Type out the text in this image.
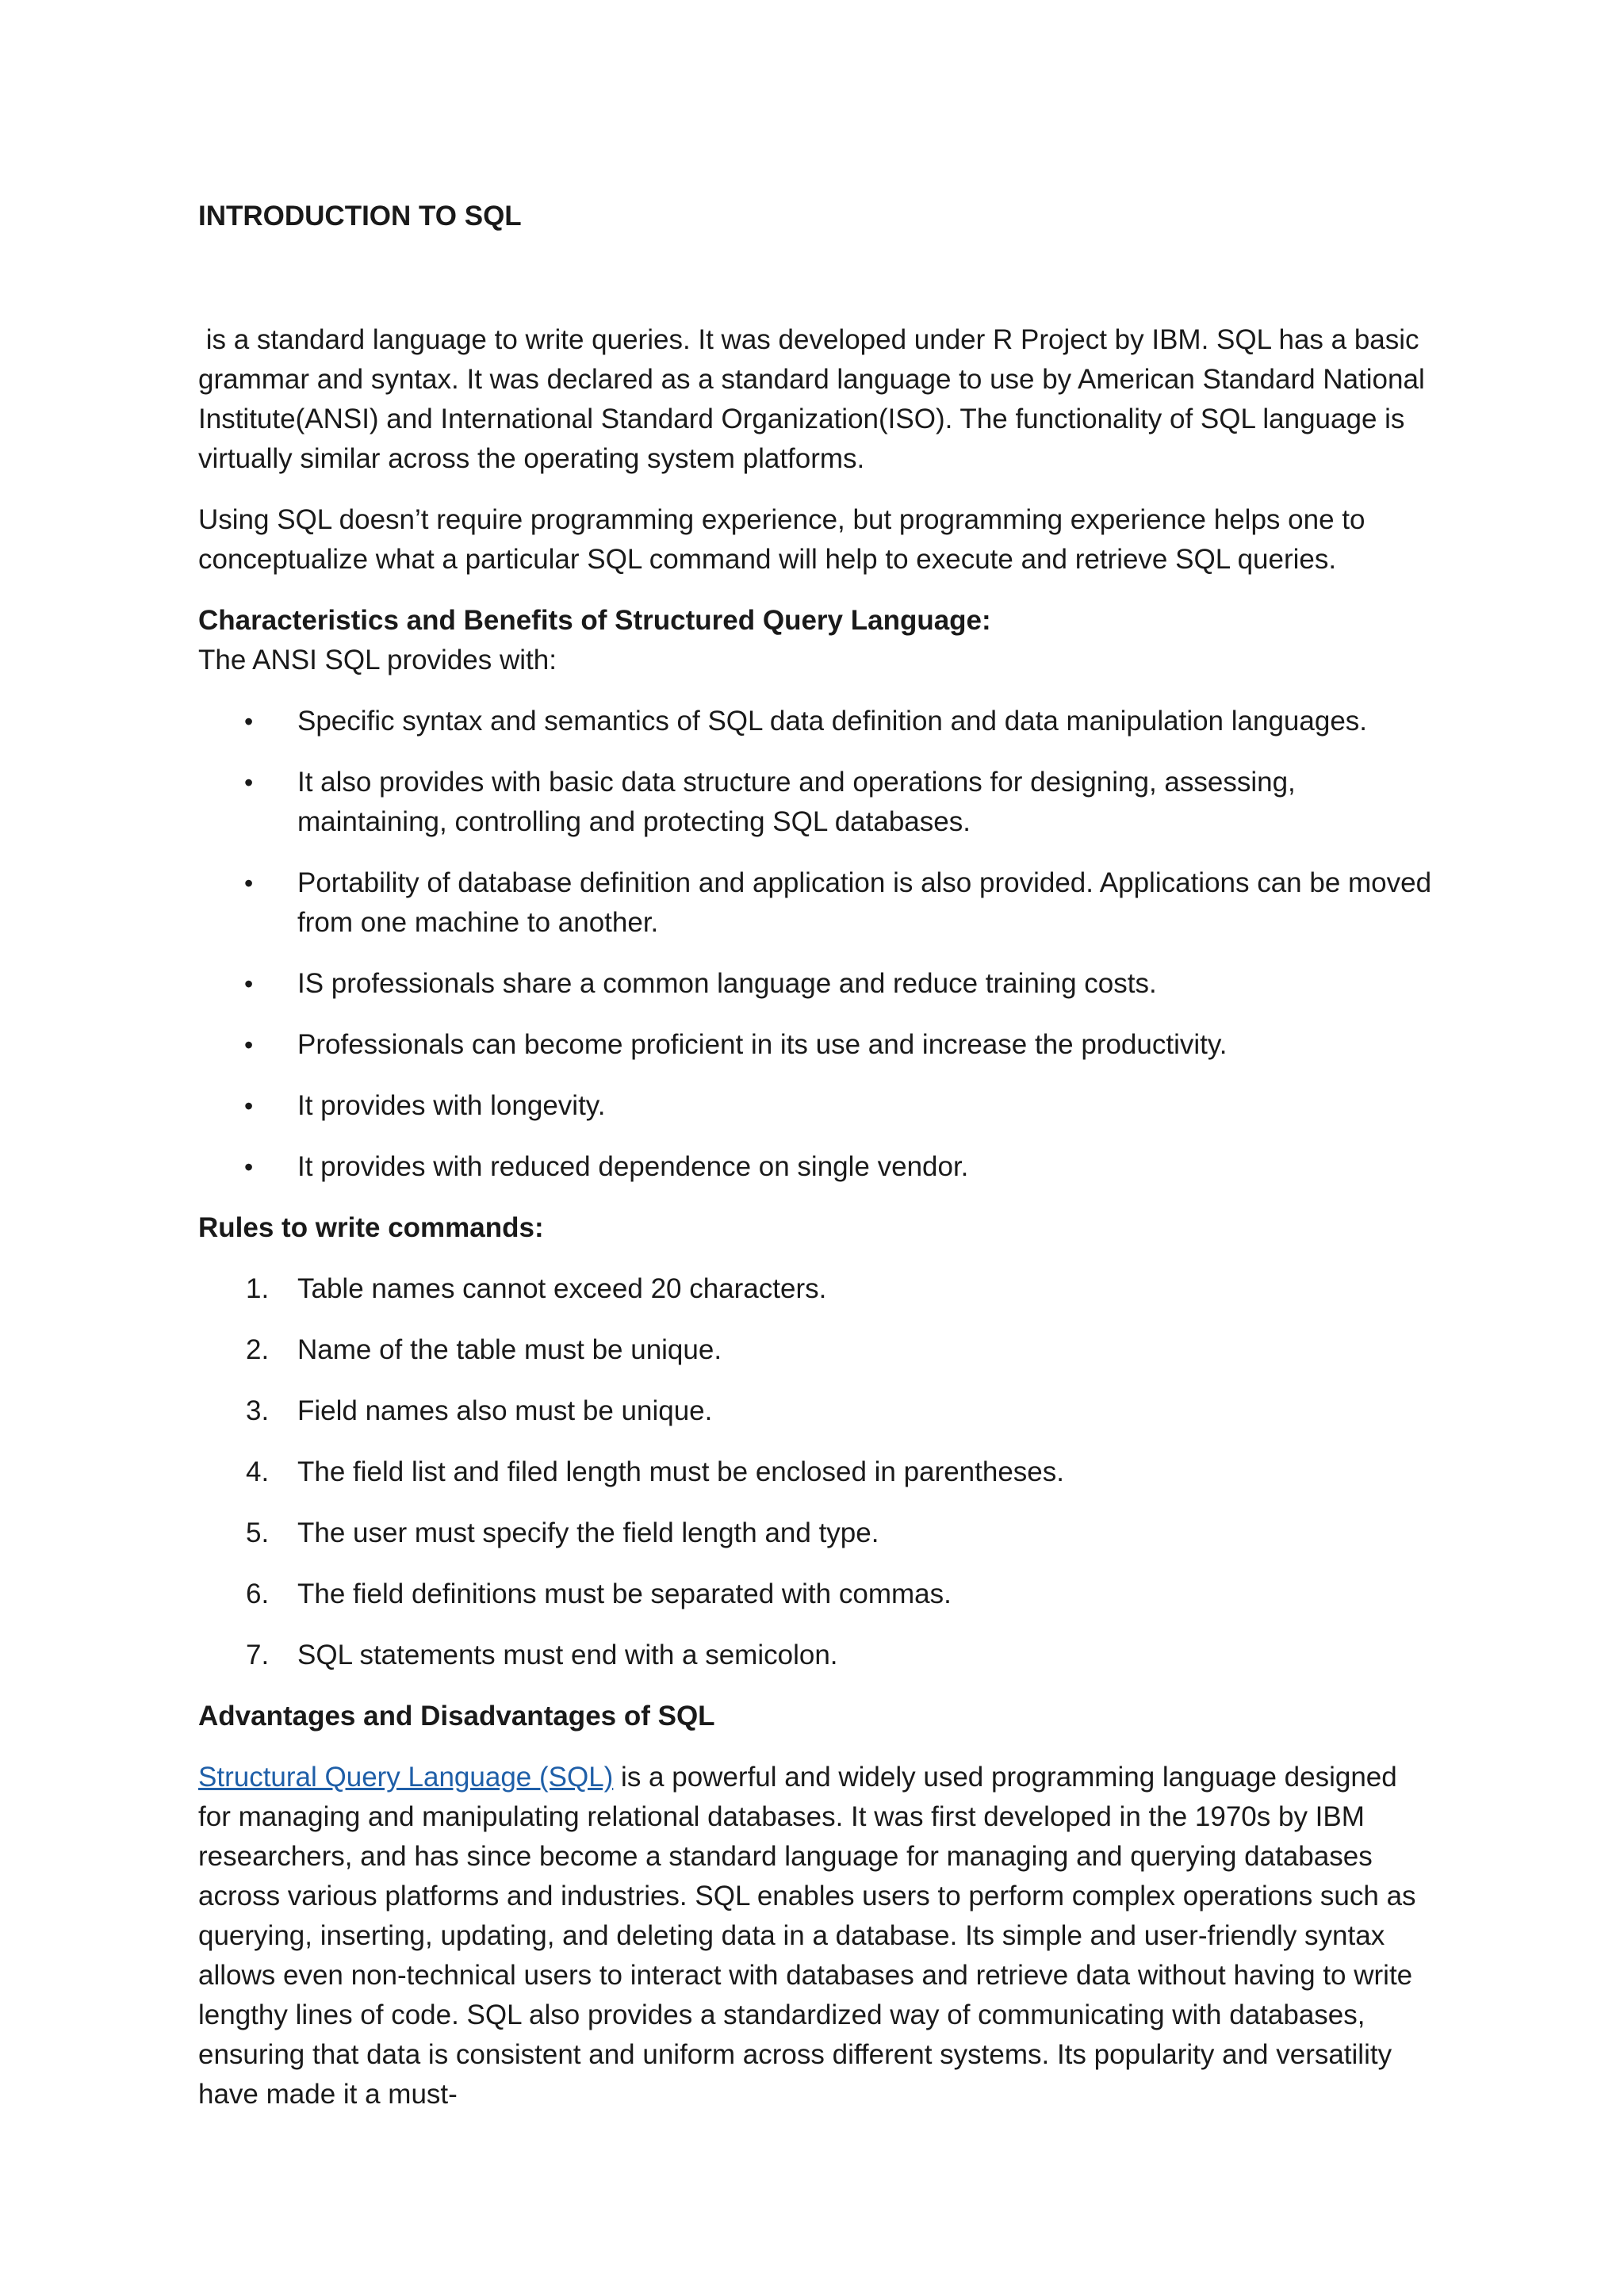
INTRODUCTION TO SQL

is a standard language to write queries. It was developed under R Project by IBM. SQL has a basic grammar and syntax. It was declared as a standard language to use by American Standard National Institute(ANSI) and International Standard Organization(ISO). The functionality of SQL language is virtually similar across the operating system platforms.

Using SQL doesn’t require programming experience, but programming experience helps one to conceptualize what a particular SQL command will help to execute and retrieve SQL queries.

Characteristics and Benefits of Structured Query Language:
The ANSI SQL provides with:
• Specific syntax and semantics of SQL data definition and data manipulation languages.
• It also provides with basic data structure and operations for designing, assessing, maintaining, controlling and protecting SQL databases.
• Portability of database definition and application is also provided. Applications can be moved from one machine to another.
• IS professionals share a common language and reduce training costs.
• Professionals can become proficient in its use and increase the productivity.
• It provides with longevity.
• It provides with reduced dependence on single vendor.
Rules to write commands:
1. Table names cannot exceed 20 characters.
2. Name of the table must be unique.
3. Field names also must be unique.
4. The field list and filed length must be enclosed in parentheses.
5. The user must specify the field length and type.
6. The field definitions must be separated with commas.
7. SQL statements must end with a semicolon.
Advantages and Disadvantages of SQL

Structural Query Language (SQL) is a powerful and widely used programming language designed for managing and manipulating relational databases. It was first developed in the 1970s by IBM researchers, and has since become a standard language for managing and querying databases across various platforms and industries. SQL enables users to perform complex operations such as querying, inserting, updating, and deleting data in a database. Its simple and user-friendly syntax allows even non-technical users to interact with databases and retrieve data without having to write lengthy lines of code. SQL also provides a standardized way of communicating with databases, ensuring that data is consistent and uniform across different systems. Its popularity and versatility have made it a must-
